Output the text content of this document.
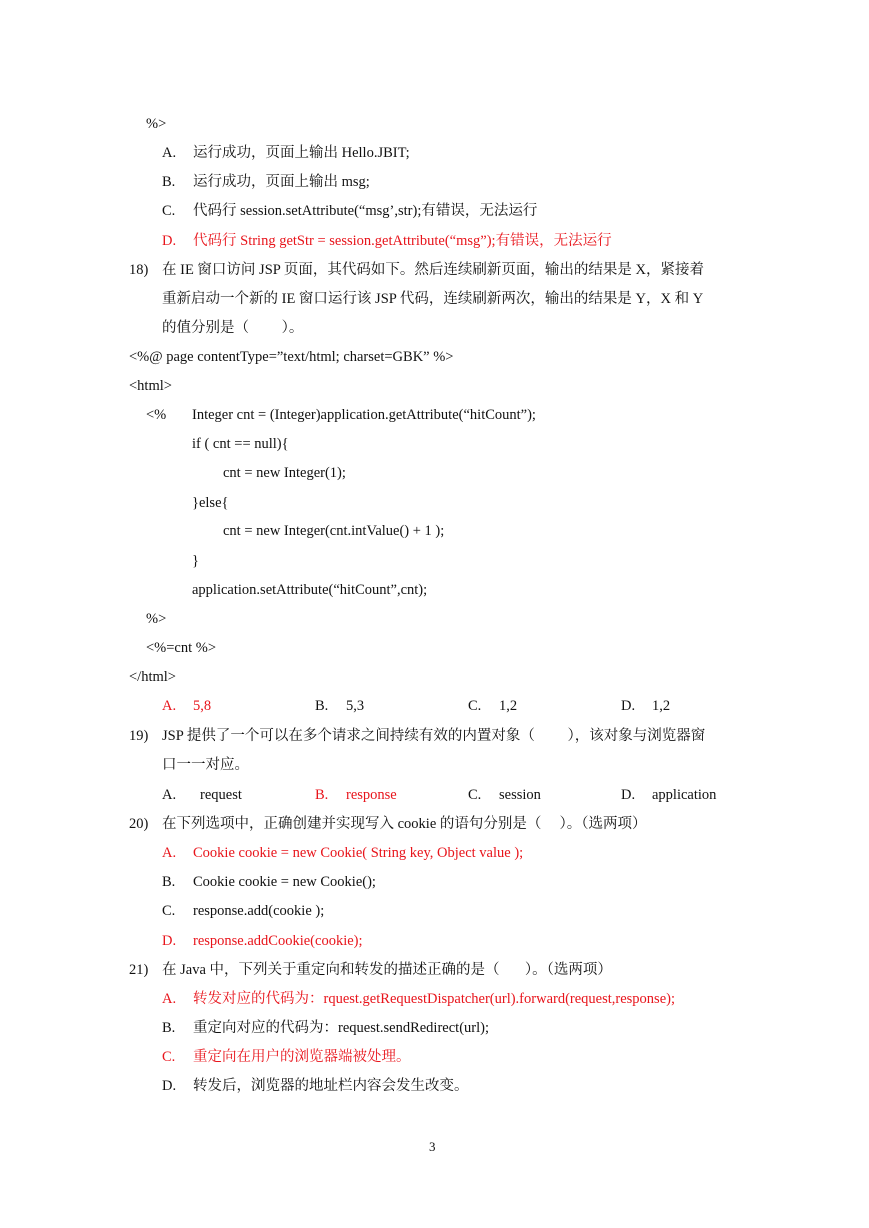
%>

A.

运行成功，页面上输出 Hello.JBIT;

B.

运行成功，页面上输出 msg;

C.

代码行 session.setAttribute(“msg’,str);有错误，无法运行

D.

代码行 String getStr = session.getAttribute(“msg”);有错误，无法运行

18)

在 IE 窗口访问 JSP 页面，其代码如下。然后连续刷新页面，输出的结果是 X，紧接着

重新启动一个新的 IE 窗口运行该 JSP 代码，连续刷新两次，输出的结果是 Y，X 和 Y
的值分别是（         ）。
<%@ page contentType=”text/html; charset=GBK” %>
<html>
<% Integer cnt = (Integer)application.getAttribute(“hitCount”);
if ( cnt == null){
cnt = new Integer(1);
}else{
cnt = new Integer(cnt.intValue() + 1 );
}
application.setAttribute(“hitCount”,cnt);
%>
<%=cnt %>
</html>

A. 5,8

	B. 5,3

	C. 1,2

	D. 1,2

19)

JSP 提供了一个可以在多个请求之间持续有效的内置对象（         ），该对象与浏览器窗

口一一对应。

A. request

	B. response

	C. session

	D. application

20)

在下列选项中，正确创建并实现写入 cookie 的语句分别是（     ）。（选两项）

A. Cookie cookie = new Cookie( String key, Object value );

B. Cookie cookie = new Cookie();

C. response.add(cookie );

D. response.addCookie(cookie);

21)

在 Java 中，下列关于重定向和转发的描述正确的是（       ）。（选两项）

A. 转发对应的代码为：rquest.getRequestDispatcher(url).forward(request,response);

B. 重定向对应的代码为：request.sendRedirect(url);

C. 重定向在用户的浏览器端被处理。

D. 转发后，浏览器的地址栏内容会发生改变。

3
